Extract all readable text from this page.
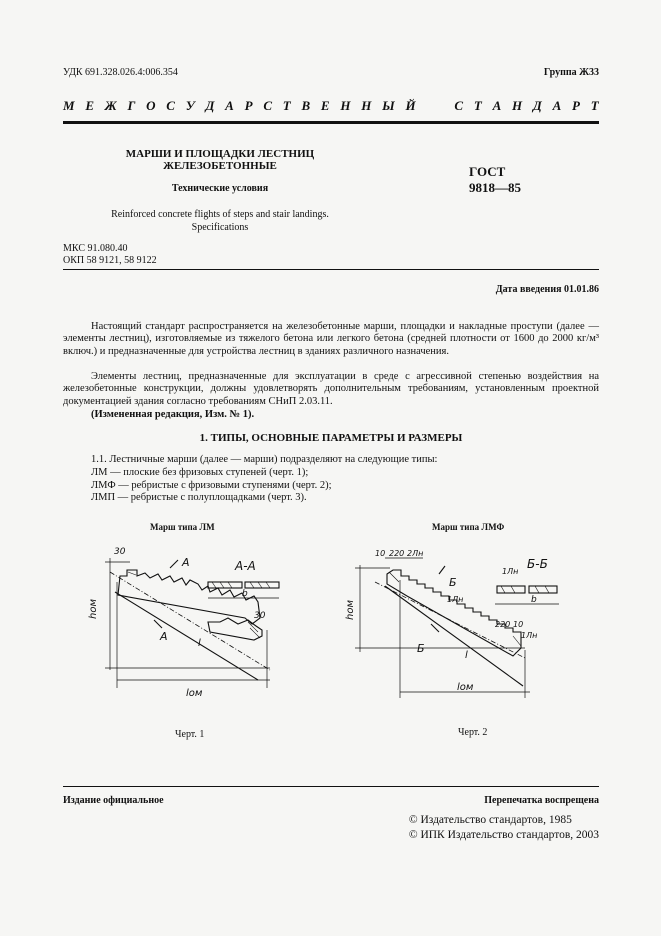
УДК 691.328.026.4:006.354	Группа Ж33
М Е Ж Г О С У Д А Р С Т В Е Н Н Ы Й

	С Т А Н Д А Р Т
МАРШИ И ПЛОЩАДКИ ЛЕСТНИЦ
ЖЕЛЕЗОБЕТОННЫЕ
Технические условия
Reinforced concrete flights of steps and stair landings.
Specifications
ГОСТ
9818—85
МКС 91.080.40
ОКП 58 9121, 58 9122
Дата введения 01.01.86
Настоящий стандарт распространяется на железобетонные марши, площадки и накладные проступи (далее — элементы лестниц), изготовляемые из тяжелого бетона или легкого бетона (средней плотности от 1600 до 2000 кг/м³ включ.) и предназначенные для устройства лестниц в зданиях различного назначения.
Элементы лестниц, предназначенные для эксплуатации в среде с агрессивной степенью воздействия на железобетонные конструкции, должны удовлетворять дополнительным требованиям, установленным проектной документацией здания согласно требованиям СНиП 2.03.11.
(Измененная редакция, Изм. № 1).
1. ТИПЫ, ОСНОВНЫЕ ПАРАМЕТРЫ И РАЗМЕРЫ
1.1. Лестничные марши (далее — марши) подразделяют на следующие типы:
ЛМ — плоские без фризовых ступеней (черт. 1);
ЛМФ — ребристые с фризовыми ступенями (черт. 2);
ЛМП — ребристые с полуплощадками (черт. 3).
Марш типа ЛМ	Марш типа ЛМФ
30
30
А-А
А
А
hом
l
lом
b
10 220 2Лн
1Лн
1Лн
1Лн
220 10
Б-Б
Б
Б
hом
l
lом
b
Черт. 1	Черт. 2
Издание официальное	Перепечатка воспрещена
© Издательство стандартов, 1985
© ИПК Издательство стандартов, 2003
